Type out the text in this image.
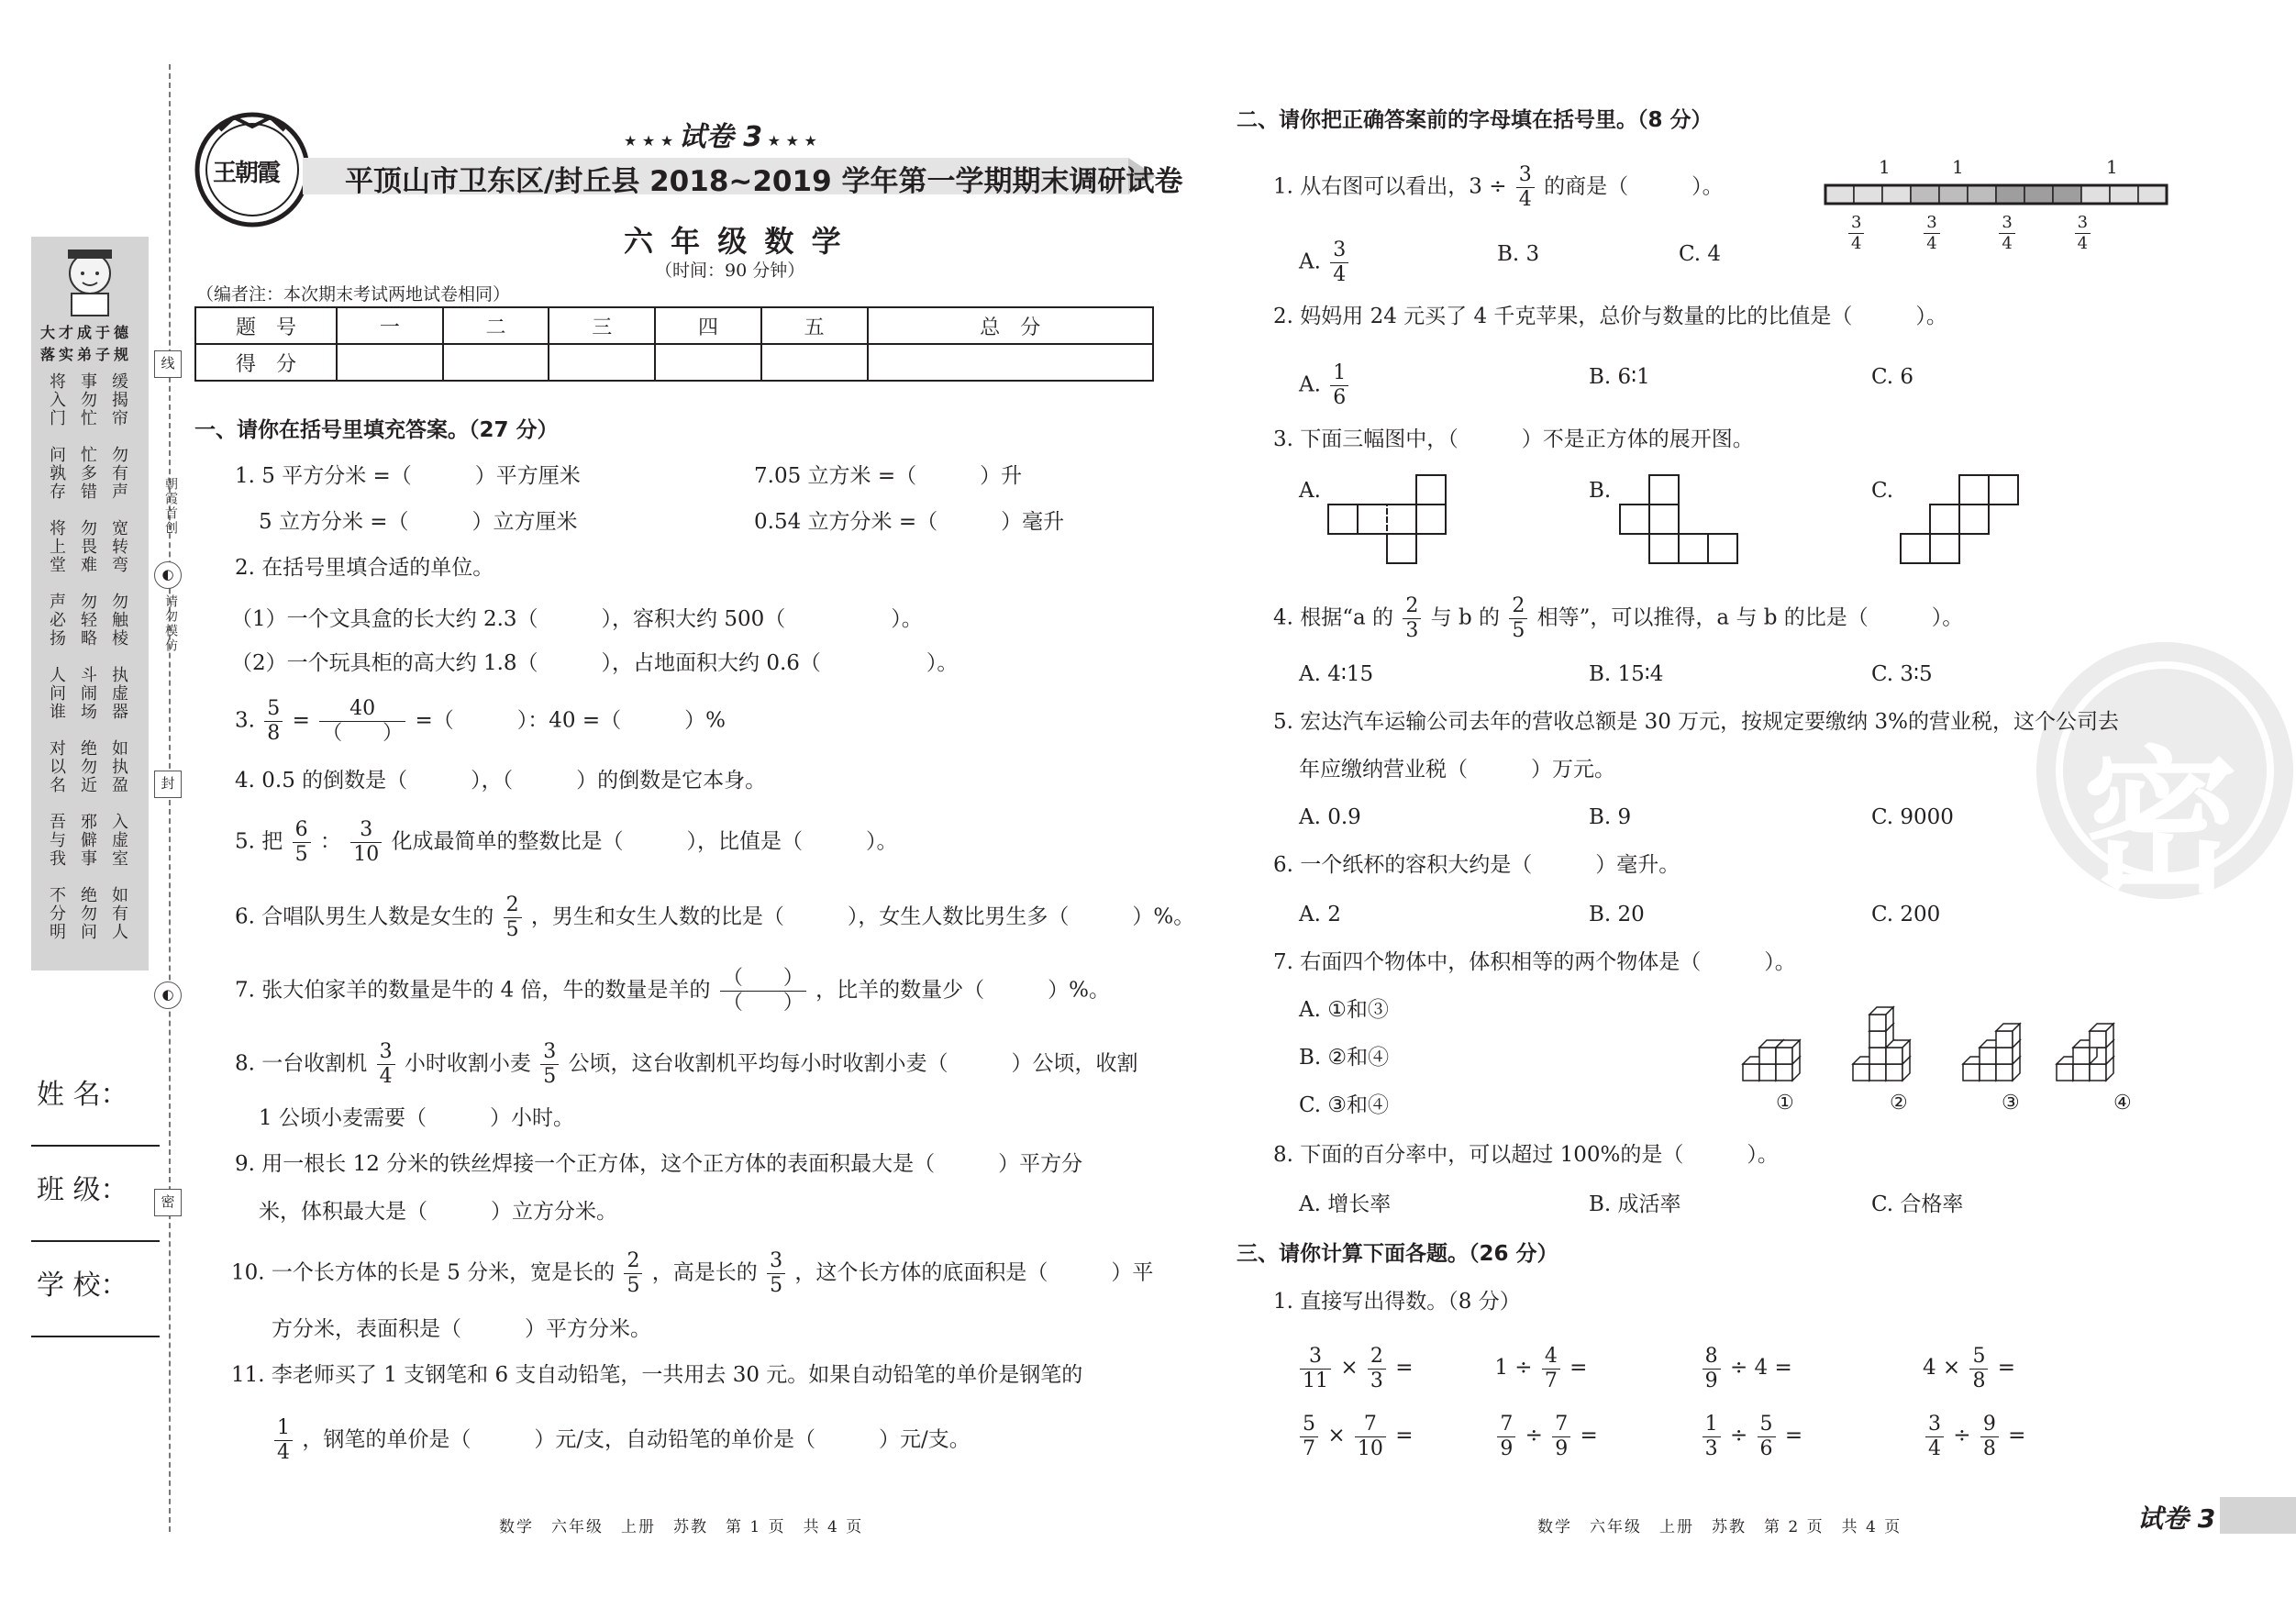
大才成于德
落实弟子规
缓揭帘
事勿忙
将入门
勿有声
忙多错
问孰存
宽转弯
勿畏难
将上堂
勿触棱
勿轻略
声必扬
执虚器
斗闹场
人问谁
如执盈
绝勿近
对以名
入虚室
邪僻事
吾与我
如有人
绝勿问
不分明
线
朝霞首创
◐
请勿模仿
封
◐
密
姓 名：
班 级：
学 校：
王朝霞
★ ★ ★ 试卷 3 ★ ★ ★
平顶山市卫东区/封丘县 2018~2019 学年第一学期期末调研试卷
六 年 级 数 学
（时间：90 分钟）
（编者注：本次期末考试两地试卷相同）
题　号	一	二	三	四	五	总　分
得　分						
一、请你在括号里填充答案。（27 分）
1. 5 平方分米 =（　　　）平方厘米	7.05 立方米 =（　　　）升
5 立方分米 =（　　　）立方厘米	0.54 立方分米 =（　　　）毫升
2. 在括号里填合适的单位。
（1）一个文具盒的长大约 2.3（　　　），容积大约 500（　　　　　）。
（2）一个玩具柜的高大约 1.8（　　　），占地面积大约 0.6（　　　　　）。
3. $\frac{5}{8} = \frac{40}{( )}$ =（　　　）：40 =（　　　）%
4. 0.5 的倒数是（　　　），（　　　）的倒数是它本身。
5. 把 $\frac{6}{5}$ ： $\frac{3}{10}$ 化成最简单的整数比是（　　　），比值是（　　　）。
6. 合唱队男生人数是女生的 $\frac{2}{5}$ ，男生和女生人数的比是（　　　），女生人数比男生多（　　　）%。
7. 张大伯家羊的数量是牛的 4 倍，牛的数量是羊的 $\frac{( )}{( )}$ ，比羊的数量少（　　　）%。
8. 一台收割机 $\frac{3}{4}$ 小时收割小麦 $\frac{3}{5}$ 公顷，这台收割机平均每小时收割小麦（　　　）公顷，收割
1 公顷小麦需要（　　　）小时。
9. 用一根长 12 分米的铁丝焊接一个正方体，这个正方体的表面积最大是（　　　）平方分
米，体积最大是（　　　）立方分米。
10. 一个长方体的长是 5 分米，宽是长的 $\frac{2}{5}$ ，高是长的 $\frac{3}{5}$ ，这个长方体的底面积是（　　　）平
方分米，表面积是（　　　）平方分米。
11. 李老师买了 1 支钢笔和 6 支自动铅笔，一共用去 30 元。如果自动铅笔的单价是钢笔的
$\frac{1}{4}$ ，钢笔的单价是（　　　）元/支，自动铅笔的单价是（　　　）元/支。
数学　六年级　上册　苏教　第 1 页　共 4 页
密
二、请你把正确答案前的字母填在括号里。（8 分）
1. 从右图可以看出，$3 \div \frac{3}{4}$ 的商是（　　　）。
1	1	1
$\frac{3}{4}$
	$\frac{3}{4}$
	$\frac{3}{4}$
	$\frac{3}{4}$
A. $\frac{3}{4}$	B. 3	C. 4
2. 妈妈用 24 元买了 4 千克苹果，总价与数量的比的比值是（　　　）。
A. $\frac{1}{6}$	B. 6∶1	C. 6
3. 下面三幅图中，（　　　）不是正方体的展开图。
A.	B.	C.
4. 根据“a 的 $\frac{2}{3}$ 与 b 的 $\frac{2}{5}$ 相等”，可以推得，a 与 b 的比是（　　　）。
A. 4∶15	B. 15∶4	C. 3∶5
5. 宏达汽车运输公司去年的营收总额是 30 万元，按规定要缴纳 3%的营业税，这个公司去
年应缴纳营业税（　　　）万元。
A. 0.9	B. 9	C. 9000
6. 一个纸杯的容积大约是（　　　）毫升。
A. 2	B. 20	C. 200
7. 右面四个物体中，体积相等的两个物体是（　　　）。
A. ①和③
B. ②和④
C. ③和④	①	②	③	④
8. 下面的百分率中，可以超过 100%的是（　　　）。
A. 增长率	B. 成活率	C. 合格率
三、请你计算下面各题。（26 分）
1. 直接写出得数。（8 分）
$\frac{3}{11} \times \frac{2}{3}$ =	$1 \div \frac{4}{7}$ =	$\frac{8}{9} \div 4$ =	$4 \times \frac{5}{8}$ =
$\frac{5}{7} \times \frac{7}{10}$ =	$\frac{7}{9} \div \frac{7}{9}$ =	$\frac{1}{3} \div \frac{5}{6}$ =	$\frac{3}{4} \div \frac{9}{8}$ =
数学　六年级　上册　苏教　第 2 页　共 4 页	试卷 3
